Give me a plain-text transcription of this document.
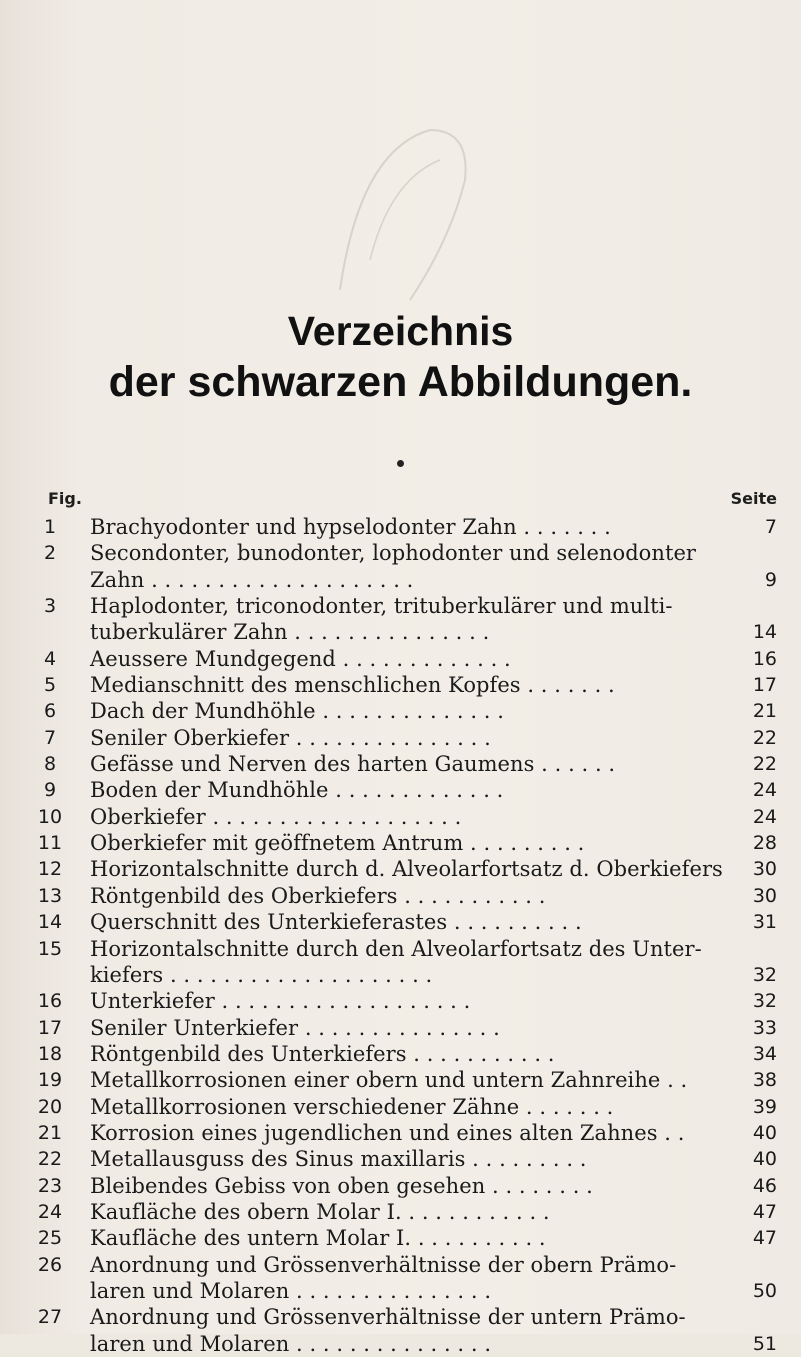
Verzeichnis
der schwarzen Abbildungen.
Fig.	Seite
1	Brachyodonter und hypselodonter Zahn . . . . . . .	7
2	Secondonter, bunodonter, lophodonter und selenodonter
Zahn . . . . . . . . . . . . . . . . . . . .	9
3	Haplodonter, triconodonter, trituberkulärer und multi-
tuberkulärer Zahn . . . . . . . . . . . . . . .	14
4	Aeussere Mundgegend . . . . . . . . . . . . .	16
5	Medianschnitt des menschlichen Kopfes . . . . . . .	17
6	Dach der Mundhöhle . . . . . . . . . . . . . .	21
7	Seniler Oberkiefer . . . . . . . . . . . . . . .	22
8	Gefässe und Nerven des harten Gaumens . . . . . .	22
9	Boden der Mundhöhle . . . . . . . . . . . . .	24
10	Oberkiefer . . . . . . . . . . . . . . . . . . .	24
11	Oberkiefer mit geöffnetem Antrum . . . . . . . . .	28
12	Horizontalschnitte durch d. Alveolarfortsatz d. Oberkiefers 30
13	Röntgenbild des Oberkiefers . . . . . . . . . . .	30
14	Querschnitt des Unterkieferastes . . . . . . . . . .	31
15	Horizontalschnitte durch den Alveolarfortsatz des Unter-
kiefers . . . . . . . . . . . . . . . . . . . .	32
16	Unterkiefer . . . . . . . . . . . . . . . . . . .	32
17	Seniler Unterkiefer . . . . . . . . . . . . . . .	33
18	Röntgenbild des Unterkiefers . . . . . . . . . . .	34
19	Metallkorrosionen einer obern und untern Zahnreihe . .	38
20	Metallkorrosionen verschiedener Zähne . . . . . . .	39
21	Korrosion eines jugendlichen und eines alten Zahnes . .	40
22	Metallausguss des Sinus maxillaris . . . . . . . . .	40
23	Bleibendes Gebiss von oben gesehen . . . . . . . .	46
24	Kaufläche des obern Molar I. . . . . . . . . . . .	47
25	Kaufläche des untern Molar I. . . . . . . . . . .	47
26	Anordnung und Grössenverhältnisse der obern Prämo-
laren und Molaren . . . . . . . . . . . . . . .	50
27	Anordnung und Grössenverhältnisse der untern Prämo-
laren und Molaren . . . . . . . . . . . . . . .	51
